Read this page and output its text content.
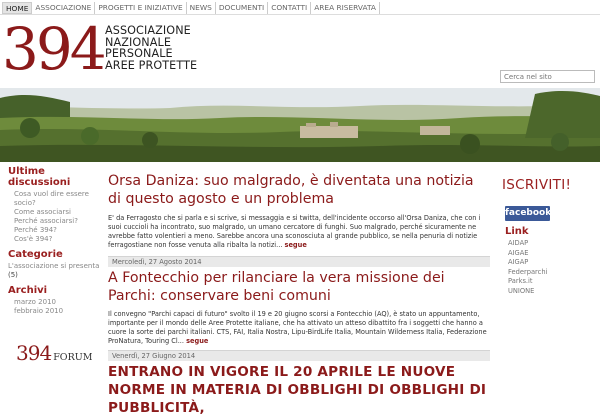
HOME ASSOCIAZIONE PROGETTI E INIZIATIVE NEWS DOCUMENTI CONTATTI AREA RISERVATA
394 ASSOCIAZIONE
NAZIONALE
PERSONALE
AREE PROTETTE
Cerca nel sito
Ultime discussioni
Cosa vuol dire essere socio?
Come associarsi
Perché associarsi?
Perché 394?
Cos'è 394?
Categorie
L'associazione si presenta
(5)
Archivi
marzo 2010
febbraio 2010
394 FORUM
Orsa Daniza: suo malgrado, è diventata una notizia di questo agosto e un problema

E' da Ferragosto che si parla e si scrive, si messaggia e si twitta, dell'incidente occorso all'Orsa Daniza, che con i suoi cuccioli ha incontrato, suo malgrado, un umano cercatore di funghi. Suo malgrado, perché sicuramente ne avrebbe fatto volentieri a meno. Sarebbe ancora una sconosciuta al grande pubblico, se nella penuria di notizie ferragostiane non fosse venuta alla ribalta la notizi... segue

Mercoledì, 27 Agosto 2014
A Fontecchio per rilanciare la vera missione dei Parchi: conservare beni comuni

Il convegno "Parchi capaci di futuro" svolto il 19 e 20 giugno scorsi a Fontecchio (AQ), è stato un appuntamento, importante per il mondo delle Aree Protette italiane, che ha attivato un atteso dibattito fra i soggetti che hanno a cuore la sorte dei parchi italiani. CTS, FAI, Italia Nostra, Lipu-BirdLife Italia, Mountain Wilderness Italia, Federazione ProNatura, Touring Cl... segue

Venerdì, 27 Giugno 2014
ENTRANO IN VIGORE IL 20 APRILE LE NUOVE NORME IN MATERIA DI OBBLIGHI DI OBBLIGHI DI PUBBLICITÀ,
ISCRIVITI!
facebook
Link
AIDAP
AIGAE
AIGAP
Federparchi
Parks.it
UNIONE
